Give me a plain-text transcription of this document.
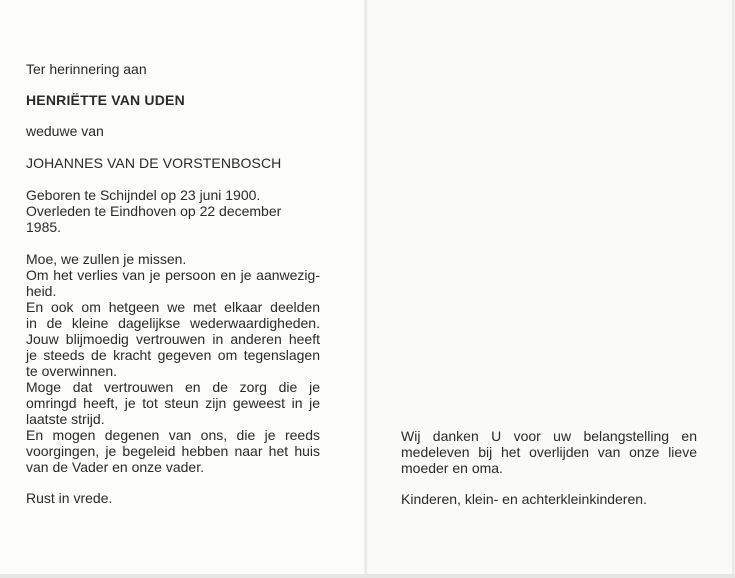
Ter herinnering aan

HENRIËTTE VAN UDEN

weduwe van

JOHANNES VAN DE VORSTENBOSCH

Geboren te Schijndel op 23 juni 1900.
Overleden te Eindhoven op 22 december
1985.
Moe, we zullen je missen.
Om het verlies van je persoon en je aanwezig-
heid.
En ook om hetgeen we met elkaar deelden
in de kleine dagelijkse wederwaardigheden.
Jouw blijmoedig vertrouwen in anderen heeft
je steeds de kracht gegeven om tegenslagen
te overwinnen.
Moge dat vertrouwen en de zorg die je
omringd heeft, je tot steun zijn geweest in je
laatste strijd.
En mogen degenen van ons, die je reeds
voorgingen, je begeleid hebben naar het huis
van de Vader en onze vader.

Rust in vrede.

Wij danken U voor uw belangstelling en
medeleven bij het overlijden van onze lieve
moeder en oma.

Kinderen, klein- en achterkleinkinderen.
